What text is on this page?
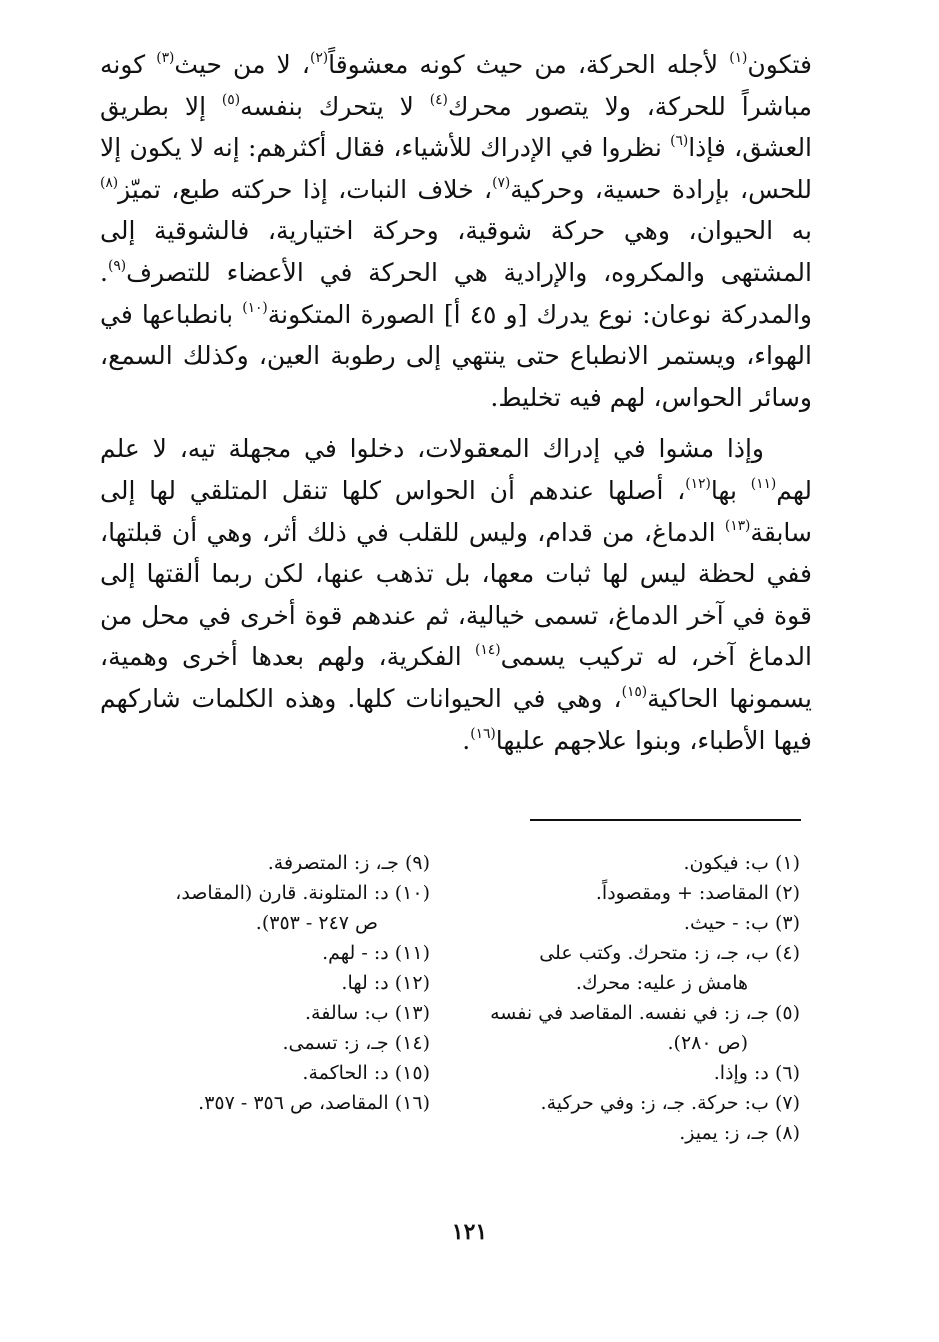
فتكون$^{(١)}$ لأجله الحركة، من حيث كونه معشوقاً$^{(٢)}$، لا من حيث$^{(٣)}$ كونه مباشراً للحركة، ولا يتصور محرك$^{(٤)}$ لا يتحرك بنفسه$^{(٥)}$ إلا بطريق العشق، فإذا$^{(٦)}$ نظروا في الإدراك للأشياء، فقال أكثرهم: إنه لا يكون إلا للحس، بإرادة حسية، وحركية$^{(٧)}$، خلاف النبات، إذا حركته طبع، تميّز$^{(٨)}$ به الحيوان، وهي حركة شوقية، وحركة اختيارية، فالشوقية إلى المشتهى والمكروه، والإرادية هي الحركة في الأعضاء للتصرف$^{(٩)}$. والمدركة نوعان: نوع يدرك [و ٤٥ أ] الصورة المتكونة$^{(١٠)}$ بانطباعها في الهواء، ويستمر الانطباع حتى ينتهي إلى رطوبة العين، وكذلك السمع، وسائر الحواس، لهم فيه تخليط.

وإذا مشوا في إدراك المعقولات، دخلوا في مجهلة تيه، لا علم لهم$^{(١١)}$ بها$^{(١٢)}$، أصلها عندهم أن الحواس كلها تنقل المتلقي لها إلى سابقة$^{(١٣)}$ الدماغ، من قدام، وليس للقلب في ذلك أثر، وهي أن قبلتها، ففي لحظة ليس لها ثبات معها، بل تذهب عنها، لكن ربما ألقتها إلى قوة في آخر الدماغ، تسمى خيالية، ثم عندهم قوة أخرى في محل من الدماغ آخر، له تركيب يسمى$^{(١٤)}$ الفكرية، ولهم بعدها أخرى وهمية، يسمونها الحاكية$^{(١٥)}$، وهي في الحيوانات كلها. وهذه الكلمات شاركهم فيها الأطباء، وبنوا علاجهم عليها$^{(١٦)}$.

(١) ب: فيكون.
(٢) المقاصد: + ومقصوداً.
(٣) ب: - حيث.
(٤) ب، جـ، ز: متحرك. وكتب على
هامش ز عليه: محرك.
(٥) جـ، ز: في نفسه. المقاصد في نفسه
(ص ٢٨٠).
(٦) د: وإذا.
(٧) ب: حركة. جـ، ز: وفي حركية.
(٨) جـ، ز: يميز.
(٩) جـ، ز: المتصرفة.
(١٠) د: المتلونة. قارن (المقاصد،
ص ٢٤٧ - ٣٥٣).
(١١) د: - لهم.
(١٢) د: لها.
(١٣) ب: سالفة.
(١٤) جـ، ز: تسمى.
(١٥) د: الحاكمة.
(١٦) المقاصد، ص ٣٥٦ - ٣٥٧.
١٢١
